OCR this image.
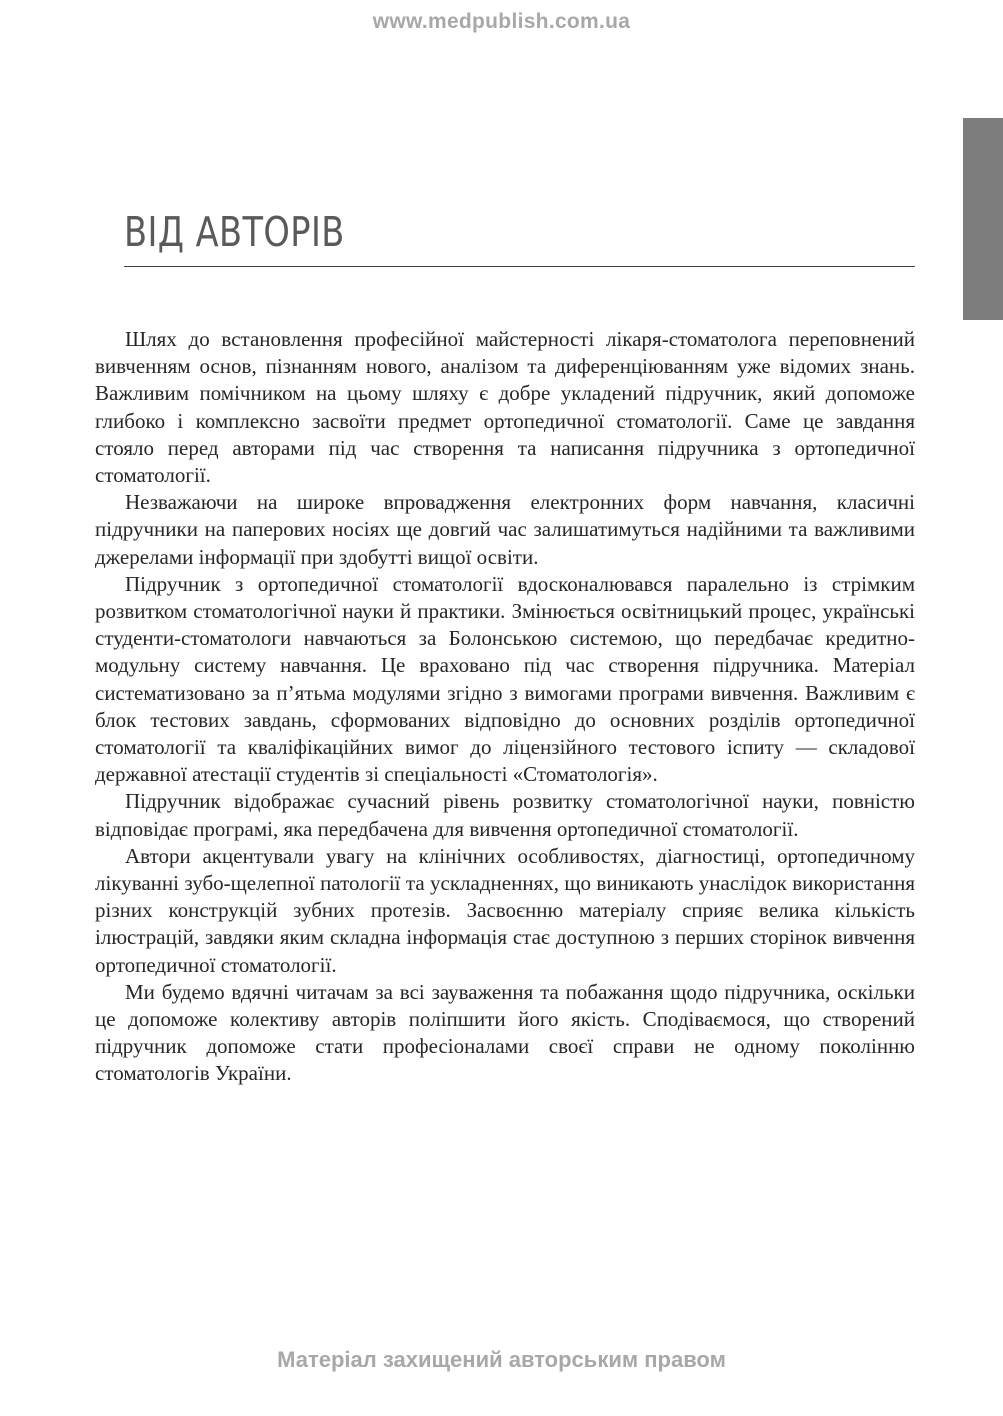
www.medpublish.com.ua
ВІД АВТОРІВ

Шлях до встановлення професійної майстерності лікаря-стоматолога переповнений вивченням основ, пізнанням нового, аналізом та диференціюванням уже відомих знань. Важливим помічником на цьому шляху є добре укладений підручник, який допоможе глибоко і комплексно засвоїти предмет ортопедичної стоматології. Саме це завдання стояло перед авторами під час створення та написання підручника з ортопедичної стоматології.

Незважаючи на широке впровадження електронних форм навчання, класичні підручники на паперових носіях ще довгий час залишатимуться надійними та важливими джерелами інформації при здобутті вищої освіти.

Підручник з ортопедичної стоматології вдосконалювався паралельно із стрімким розвитком стоматологічної науки й практики. Змінюється освітницький процес, українські студенти-стоматологи навчаються за Болонською системою, що передбачає кредитно-модульну систему навчання. Це враховано під час створення підручника. Матеріал систематизовано за п’ятьма модулями згідно з вимогами програми вивчення. Важливим є блок тестових завдань, сформованих відповідно до основних розділів ортопедичної стоматології та кваліфікаційних вимог до ліцензійного тестового іспиту — складової державної атестації студентів зі спеціальності «Стоматологія».

Підручник відображає сучасний рівень розвитку стоматологічної науки, повністю відповідає програмі, яка передбачена для вивчення ортопедичної стоматології.

Автори акцентували увагу на клінічних особливостях, діагностиці, ортопедичному лікуванні зубо-щелепної патології та ускладненнях, що виникають унаслідок використання різних конструкцій зубних протезів. Засвоєнню матеріалу сприяє велика кількість ілюстрацій, завдяки яким складна інформація стає доступною з перших сторінок вивчення ортопедичної стоматології.

Ми будемо вдячні читачам за всі зауваження та побажання щодо підручника, оскільки це допоможе колективу авторів поліпшити його якість. Сподіваємося, що створений підручник допоможе стати професіоналами своєї справи не одному поколінню стоматологів України.

Матеріал захищений авторським правом
